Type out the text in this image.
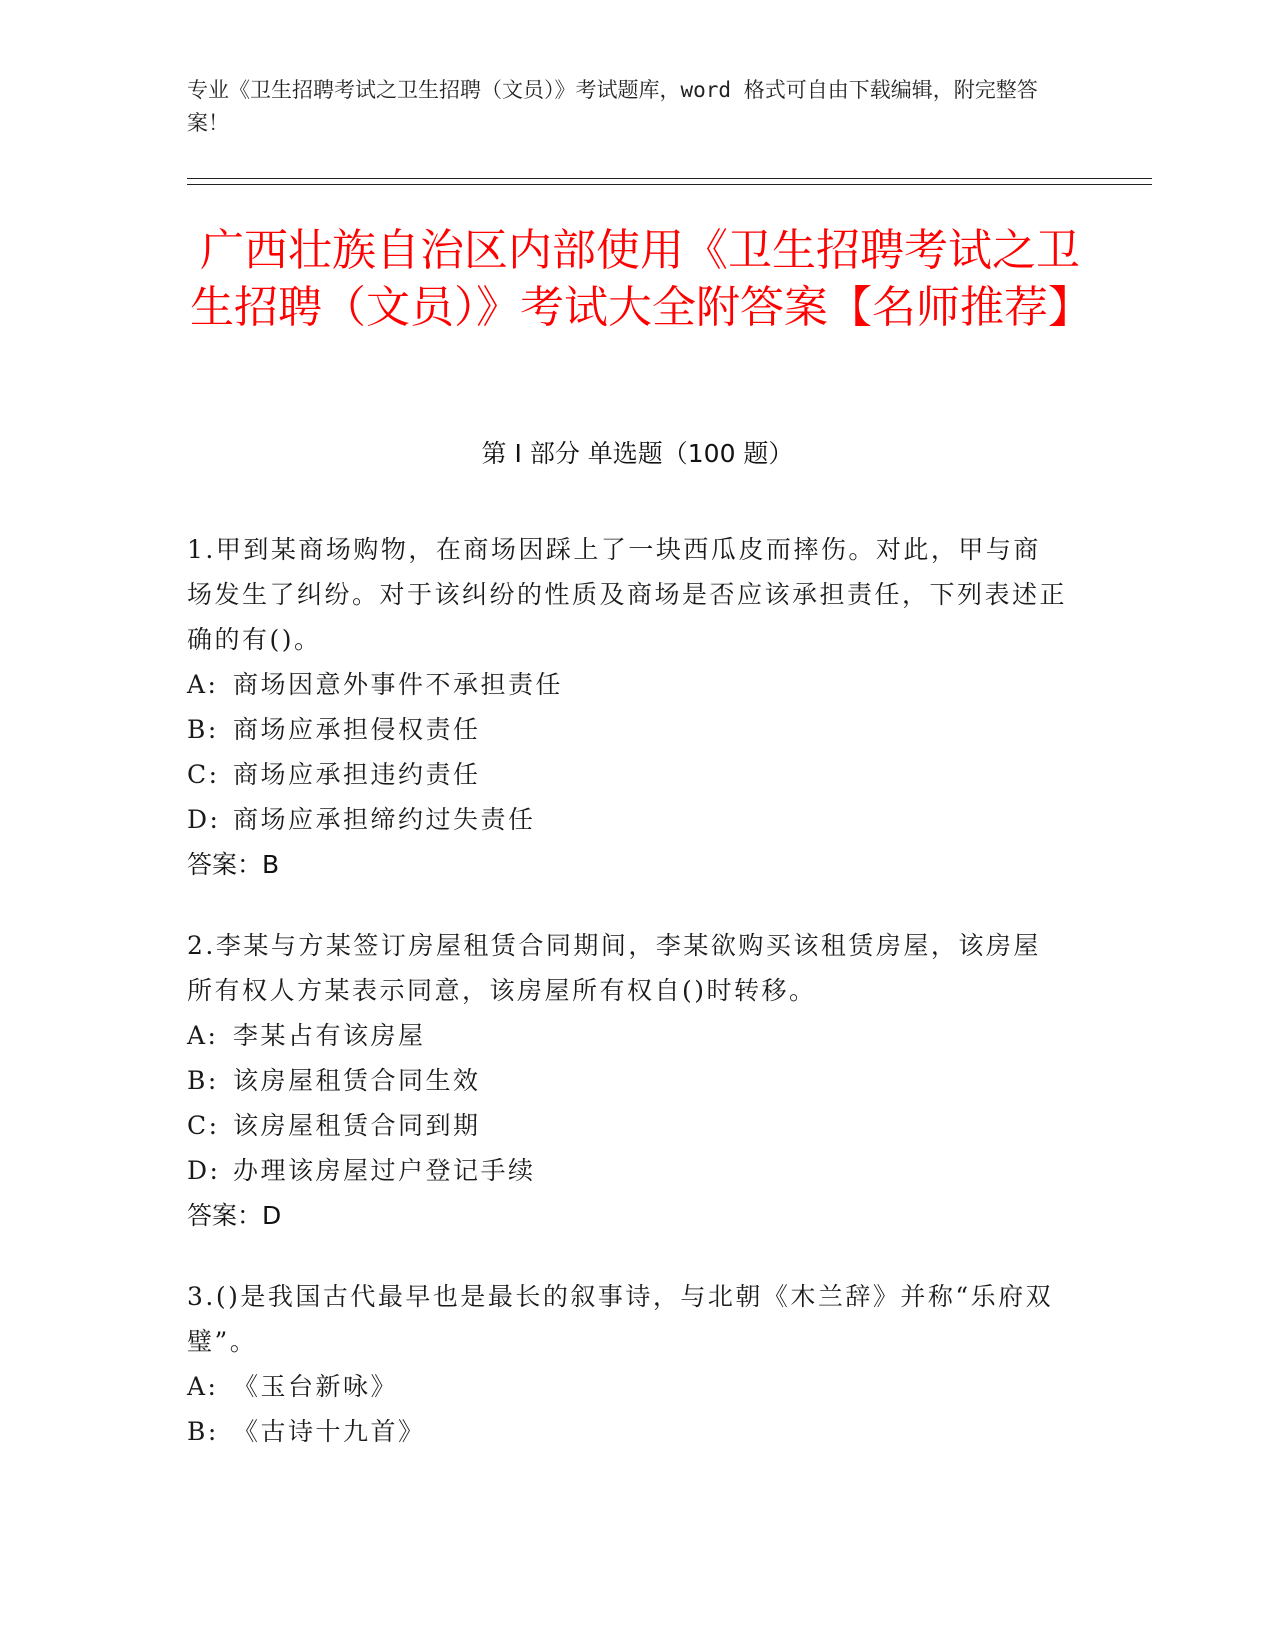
专业《卫生招聘考试之卫生招聘（文员）》考试题库，word 格式可自由下载编辑，附完整答案！
广西壮族自治区内部使用《卫生招聘考试之卫生招聘（文员）》考试大全附答案【名师推荐】
第 I 部分 单选题（100 题）
1.甲到某商场购物，在商场因踩上了一块西瓜皮而摔伤。对此，甲与商场发生了纠纷。对于该纠纷的性质及商场是否应该承担责任，下列表述正确的有()。
A: 商场因意外事件不承担责任
B: 商场应承担侵权责任
C: 商场应承担违约责任
D: 商场应承担缔约过失责任
答案：B
2.李某与方某签订房屋租赁合同期间，李某欲购买该租赁房屋，该房屋所有权人方某表示同意，该房屋所有权自()时转移。
A: 李某占有该房屋
B: 该房屋租赁合同生效
C: 该房屋租赁合同到期
D: 办理该房屋过户登记手续
答案：D
3.()是我国古代最早也是最长的叙事诗，与北朝《木兰辞》并称“乐府双璧”。
A: 《玉台新咏》
B: 《古诗十九首》
